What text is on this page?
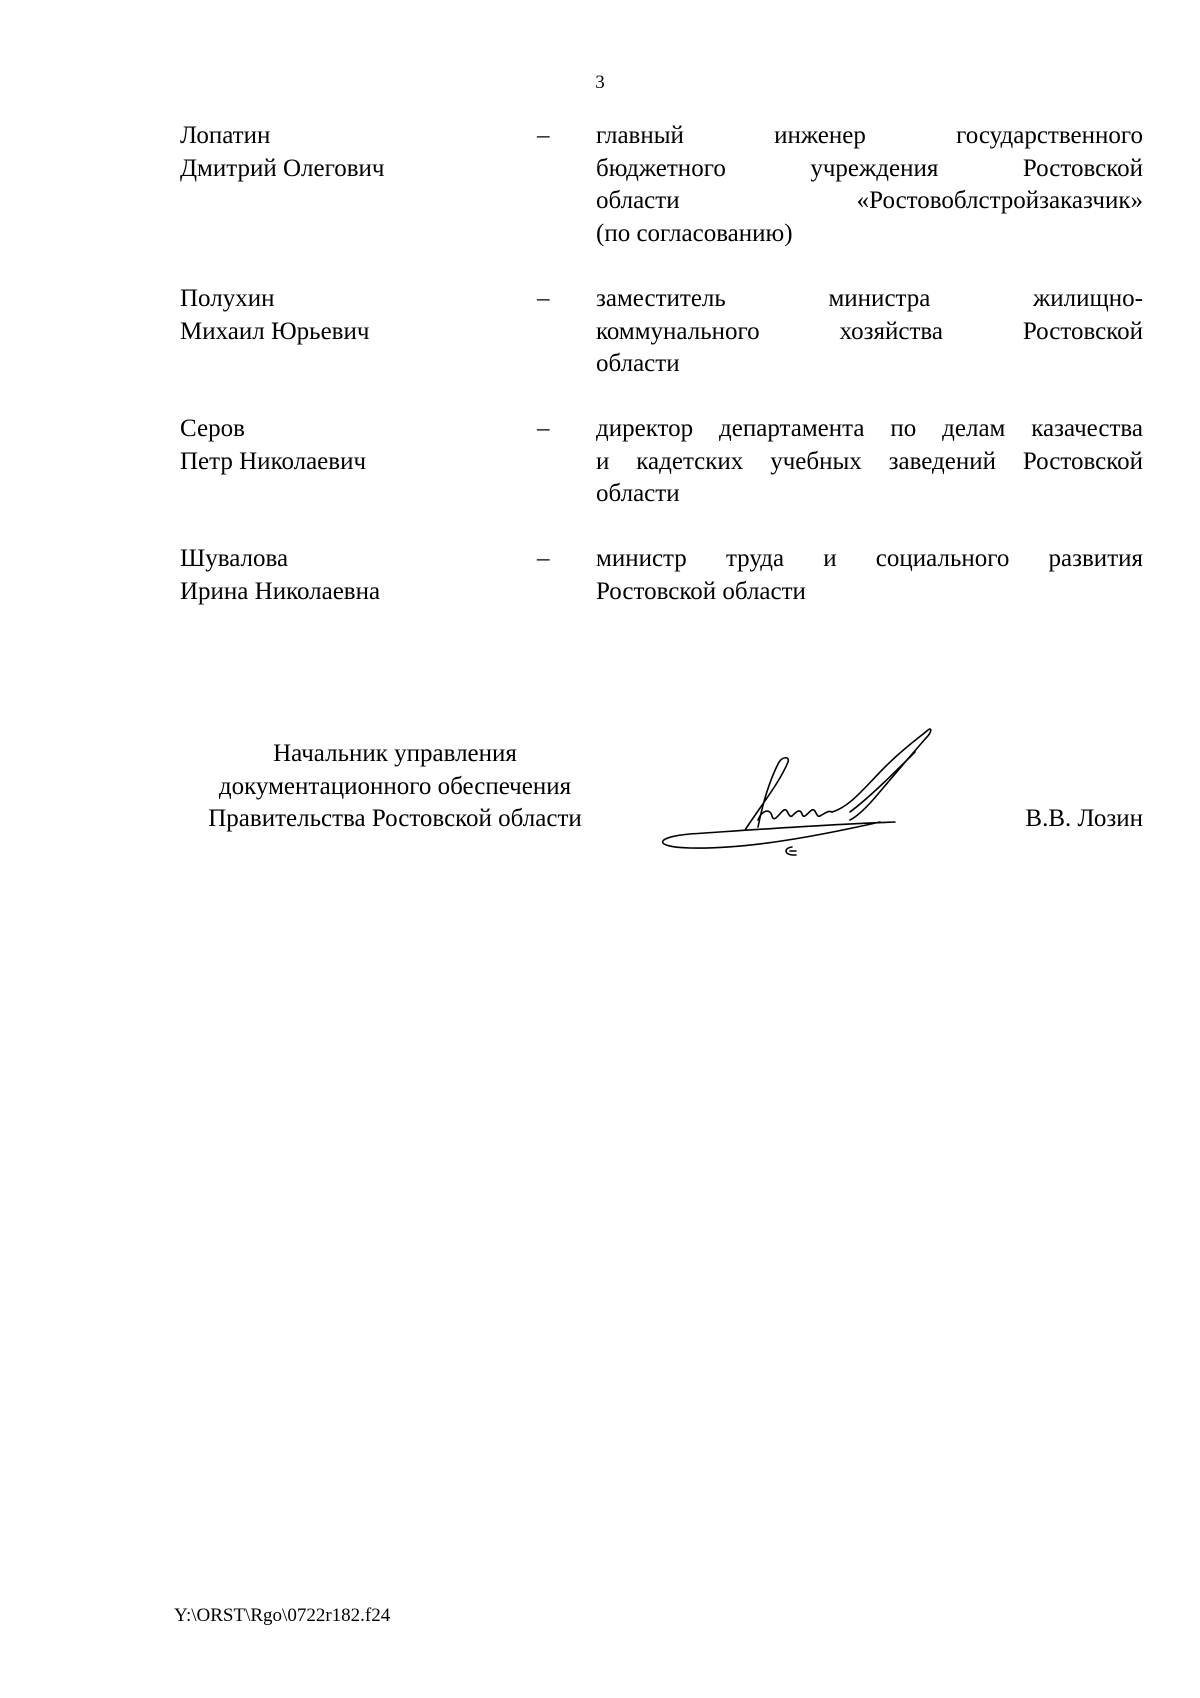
3
Лопатин
Дмитрий Олегович
– главный инженер государственного
бюджетного учреждения Ростовской
области «Ростовоблстройзаказчик»
(по согласованию)
Полухин
Михаил Юрьевич
– заместитель министра жилищно-
коммунального хозяйства Ростовской
области
Серов
Петр Николаевич
– директор департамента по делам казачества
и кадетских учебных заведений Ростовской
области
Шувалова
Ирина Николаевна
– министр труда и социального развития
Ростовской области
Начальник управления
документационного обеспечения
Правительства Ростовской области	В.В. Лозин
Y:\ORST\Rgo\0722r182.f24
